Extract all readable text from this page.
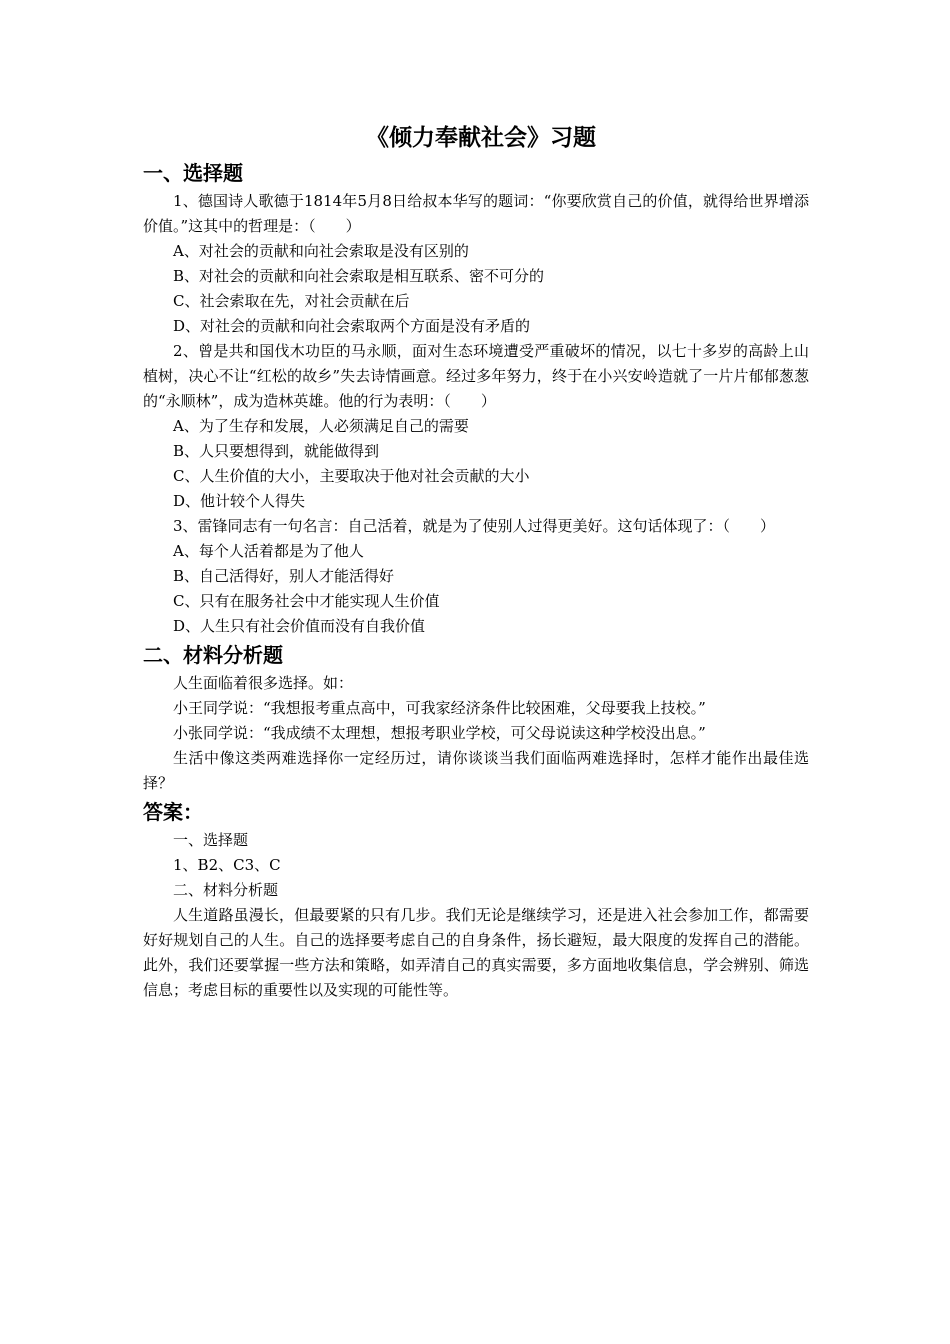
《倾力奉献社会》习题
一、选择题

1、德国诗人歌德于1814年5月8日给叔本华写的题词：“你要欣赏自己的价值，就得给世界增添价值。”这其中的哲理是：（　　）

A、对社会的贡献和向社会索取是没有区别的

B、对社会的贡献和向社会索取是相互联系、密不可分的

C、社会索取在先，对社会贡献在后

D、对社会的贡献和向社会索取两个方面是没有矛盾的

2、曾是共和国伐木功臣的马永顺，面对生态环境遭受严重破坏的情况，以七十多岁的高龄上山植树，决心不让“红松的故乡”失去诗情画意。经过多年努力，终于在小兴安岭造就了一片片郁郁葱葱的“永顺林”，成为造林英雄。他的行为表明：（　　）

A、为了生存和发展，人必须满足自己的需要

B、人只要想得到，就能做得到

C、人生价值的大小，主要取决于他对社会贡献的大小

D、他计较个人得失

3、雷锋同志有一句名言：自己活着，就是为了使别人过得更美好。这句话体现了：（　　）

A、每个人活着都是为了他人

B、自己活得好，别人才能活得好

C、只有在服务社会中才能实现人生价值

D、人生只有社会价值而没有自我价值

二、材料分析题

人生面临着很多选择。如：

小王同学说：“我想报考重点高中，可我家经济条件比较困难，父母要我上技校。”

小张同学说：“我成绩不太理想，想报考职业学校，可父母说读这种学校没出息。”

生活中像这类两难选择你一定经历过，请你谈谈当我们面临两难选择时，怎样才能作出最佳选择？

答案：

一、选择题

1、B2、C3、C

二、材料分析题

人生道路虽漫长，但最要紧的只有几步。我们无论是继续学习，还是进入社会参加工作，都需要好好规划自己的人生。自己的选择要考虑自己的自身条件，扬长避短，最大限度的发挥自己的潜能。此外，我们还要掌握一些方法和策略，如弄清自己的真实需要，多方面地收集信息，学会辨别、筛选信息；考虑目标的重要性以及实现的可能性等。
